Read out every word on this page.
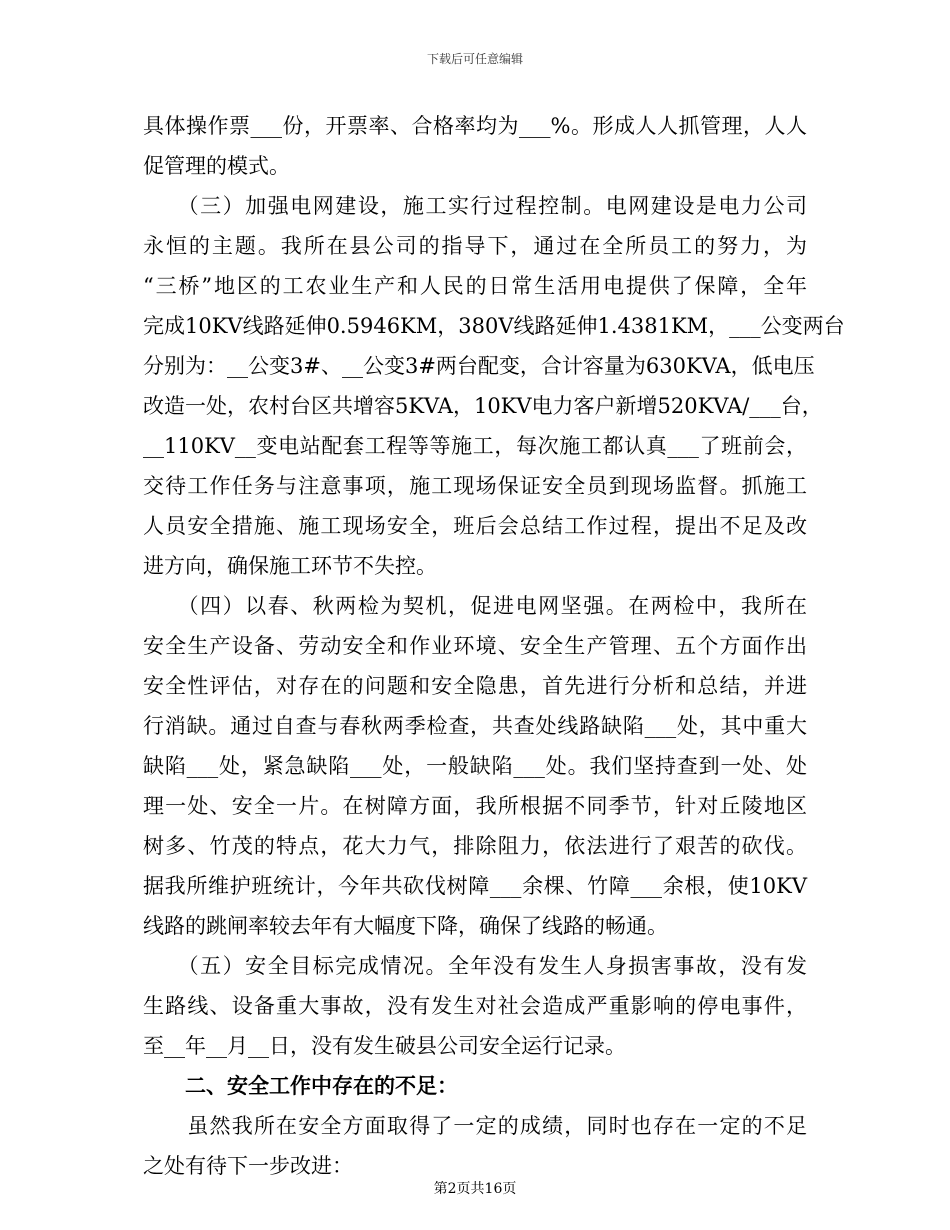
下载后可任意编辑
具体操作票___份，开票率、合格率均为___%。形成人人抓管理，人人
促管理的模式。
　　（三）加强电网建设，施工实行过程控制。电网建设是电力公司
永恒的主题。我所在县公司的指导下，通过在全所员工的努力，为
“三桥”地区的工农业生产和人民的日常生活用电提供了保障，全年
完成10KV线路延伸0.5946KM，380V线路延伸1.4381KM，___公变两台
分别为：__公变3#、__公变3#两台配变，合计容量为630KVA，低电压
改造一处，农村台区共增容5KVA，10KV电力客户新增520KVA/___台，
__110KV__变电站配套工程等等施工，每次施工都认真___了班前会，
交待工作任务与注意事项，施工现场保证安全员到现场监督。抓施工
人员安全措施、施工现场安全，班后会总结工作过程，提出不足及改
进方向，确保施工环节不失控。
　　（四）以春、秋两检为契机，促进电网坚强。在两检中，我所在
安全生产设备、劳动安全和作业环境、安全生产管理、五个方面作出
安全性评估，对存在的问题和安全隐患，首先进行分析和总结，并进
行消缺。通过自查与春秋两季检查，共查处线路缺陷___处，其中重大
缺陷___处，紧急缺陷___处，一般缺陷___处。我们坚持查到一处、处
理一处、安全一片。在树障方面，我所根据不同季节，针对丘陵地区
树多、竹茂的特点，花大力气，排除阻力，依法进行了艰苦的砍伐。
据我所维护班统计，今年共砍伐树障___余棵、竹障___余根，使10KV
线路的跳闸率较去年有大幅度下降，确保了线路的畅通。
　　（五）安全目标完成情况。全年没有发生人身损害事故，没有发
生路线、设备重大事故，没有发生对社会造成严重影响的停电事件，
至__年__月__日，没有发生破县公司安全运行记录。
二、安全工作中存在的不足：
　　虽然我所在安全方面取得了一定的成绩，同时也存在一定的不足
之处有待下一步改进：
第2页共16页
